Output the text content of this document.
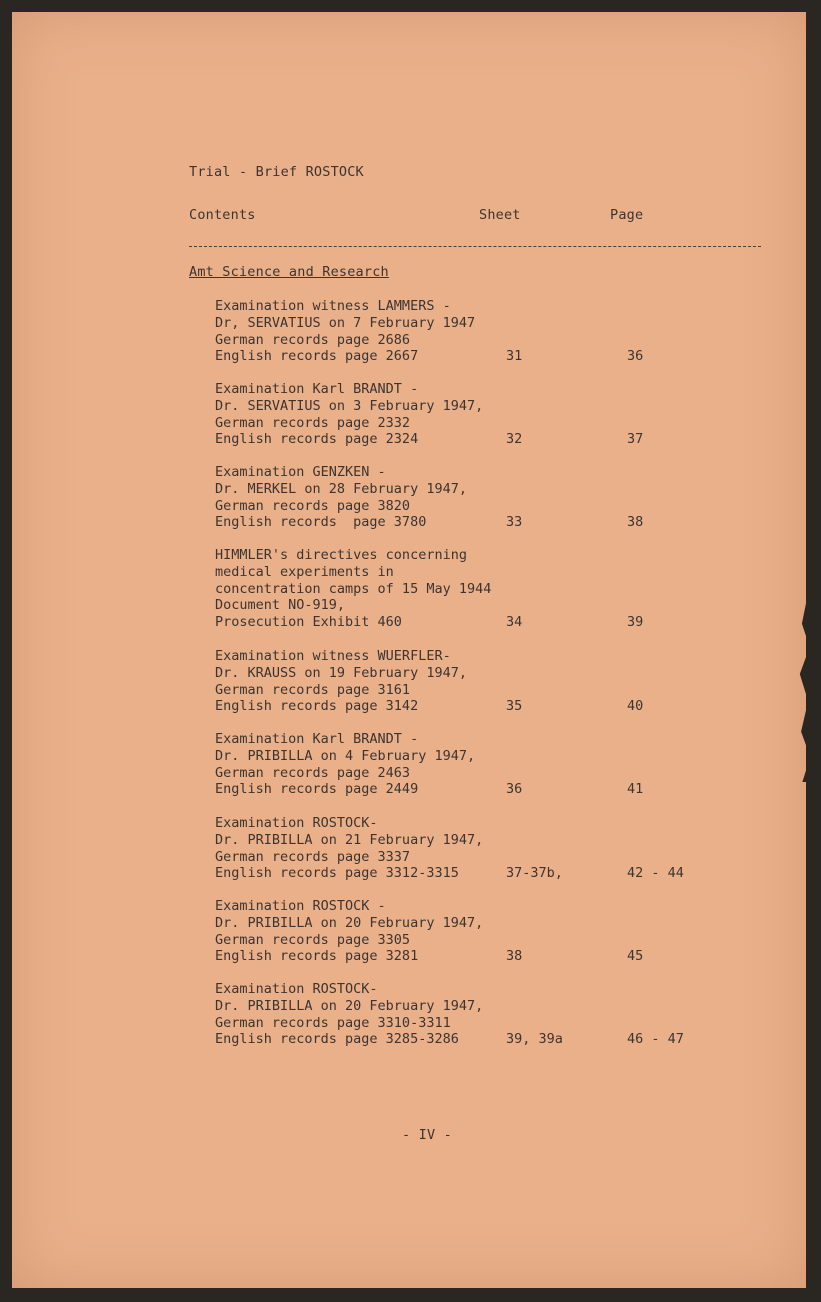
Trial - Brief ROSTOCK
Contents	Sheet	Page
Amt Science and Research
Examination witness LAMMERS -
Dr, SERVATIUS on 7 February 1947
German records page 2686
English records page 2667	31	36
Examination Karl BRANDT -
Dr. SERVATIUS on 3 February 1947,
German records page 2332
English records page 2324	32	37
Examination GENZKEN -
Dr. MERKEL on 28 February 1947,
German records page 3820
English records  page 3780	33	38
HIMMLER's directives concerning
medical experiments in
concentration camps of 15 May 1944
Document NO-919,
Prosecution Exhibit 460	34	39
Examination witness WUERFLER-
Dr. KRAUSS on 19 February 1947,
German records page 3161
English records page 3142	35	40
Examination Karl BRANDT -
Dr. PRIBILLA on 4 February 1947,
German records page 2463
English records page 2449	36	41
Examination ROSTOCK-
Dr. PRIBILLA on 21 February 1947,
German records page 3337
English records page 3312-3315	37-37b,	42 - 44
Examination ROSTOCK -
Dr. PRIBILLA on 20 February 1947,
German records page 3305
English records page 3281	38	45
Examination ROSTOCK-
Dr. PRIBILLA on 20 February 1947,
German records page 3310-3311
English records page 3285-3286	39, 39a	46 - 47
- IV -
